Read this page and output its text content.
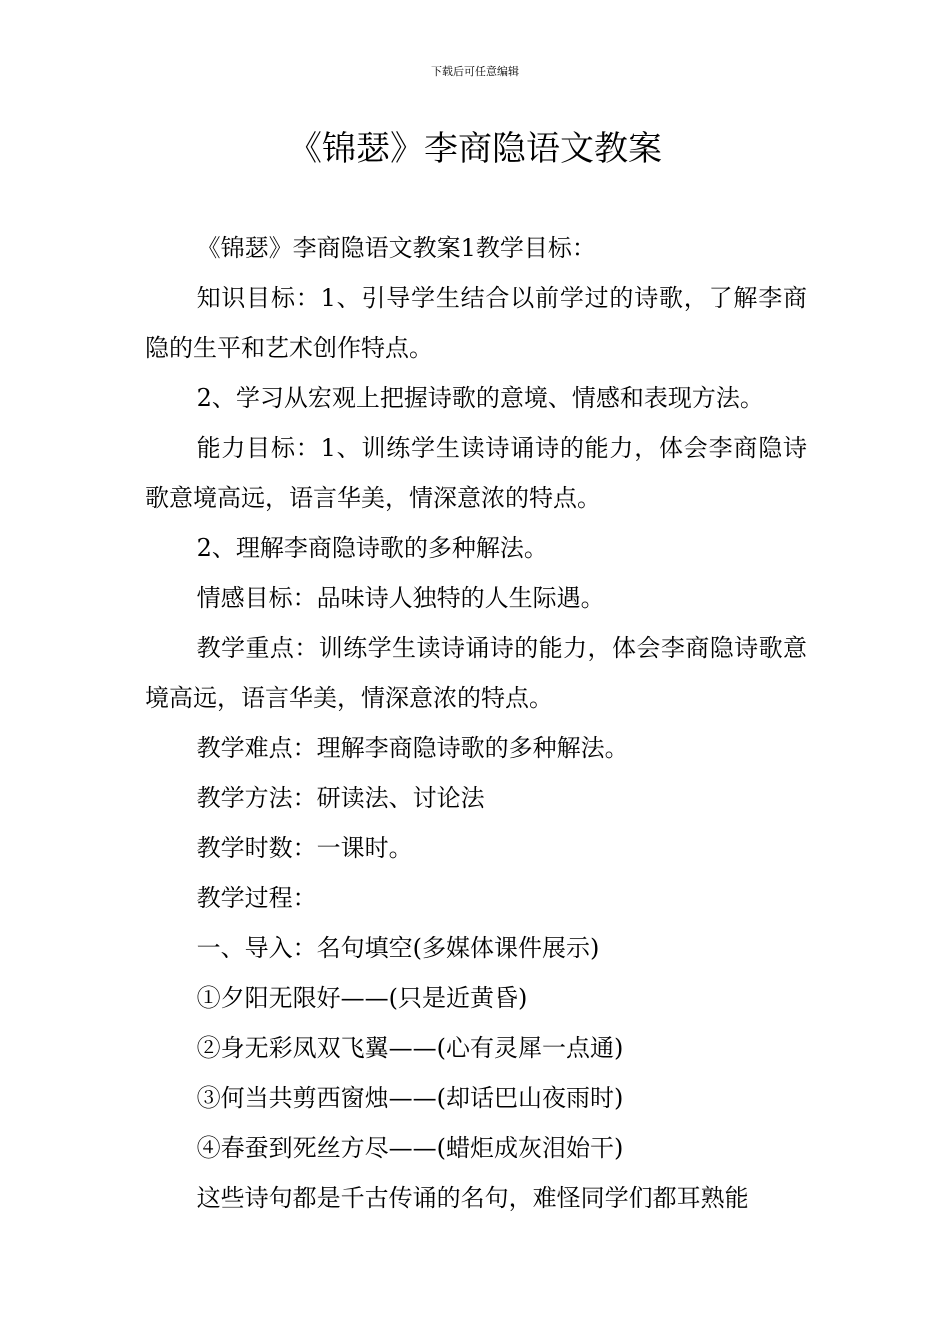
下载后可任意编辑
《锦瑟》李商隐语文教案

《锦瑟》李商隐语文教案1教学目标：

知识目标：1、引导学生结合以前学过的诗歌，了解李商隐的生平和艺术创作特点。

2、学习从宏观上把握诗歌的意境、情感和表现方法。

能力目标：1、训练学生读诗诵诗的能力，体会李商隐诗歌意境高远，语言华美，情深意浓的特点。

2、理解李商隐诗歌的多种解法。

情感目标：品味诗人独特的人生际遇。

教学重点：训练学生读诗诵诗的能力，体会李商隐诗歌意境高远，语言华美，情深意浓的特点。

教学难点：理解李商隐诗歌的多种解法。

教学方法：研读法、讨论法

教学时数：一课时。

教学过程：

一、导入：名句填空(多媒体课件展示)

①夕阳无限好——(只是近黄昏)

②身无彩凤双飞翼——(心有灵犀一点通)

③何当共剪西窗烛——(却话巴山夜雨时)

④春蚕到死丝方尽——(蜡炬成灰泪始干)

这些诗句都是千古传诵的名句，难怪同学们都耳熟能
